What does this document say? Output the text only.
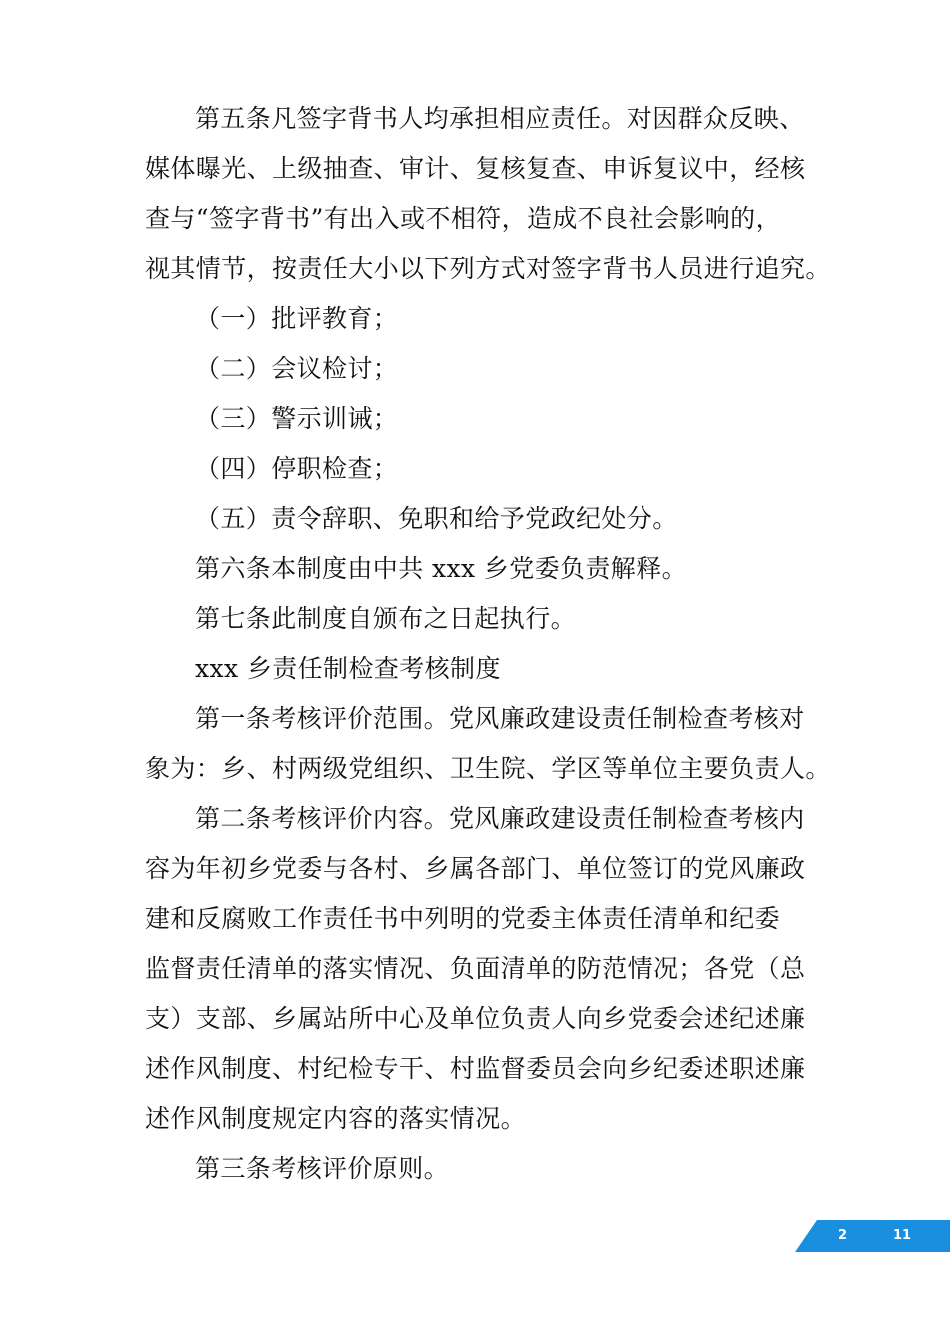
第五条凡签字背书人均承担相应责任。对因群众反映、
媒体曝光、上级抽查、审计、复核复查、申诉复议中，经核
查与“签字背书”有出入或不相符，造成不良社会影响的，
视其情节，按责任大小以下列方式对签字背书人员进行追究。
（一）批评教育；
（二）会议检讨；
（三）警示训诫；
（四）停职检查；
（五）责令辞职、免职和给予党政纪处分。
第六条本制度由中共 xxx 乡党委负责解释。
第七条此制度自颁布之日起执行。
xxx 乡责任制检查考核制度
第一条考核评价范围。党风廉政建设责任制检查考核对
象为：乡、村两级党组织、卫生院、学区等单位主要负责人。
第二条考核评价内容。党风廉政建设责任制检查考核内
容为年初乡党委与各村、乡属各部门、单位签订的党风廉政
建和反腐败工作责任书中列明的党委主体责任清单和纪委
监督责任清单的落实情况、负面清单的防范情况；各党（总
支）支部、乡属站所中心及单位负责人向乡党委会述纪述廉
述作风制度、村纪检专干、村监督委员会向乡纪委述职述廉
述作风制度规定内容的落实情况。
第三条考核评价原则。
2	11
